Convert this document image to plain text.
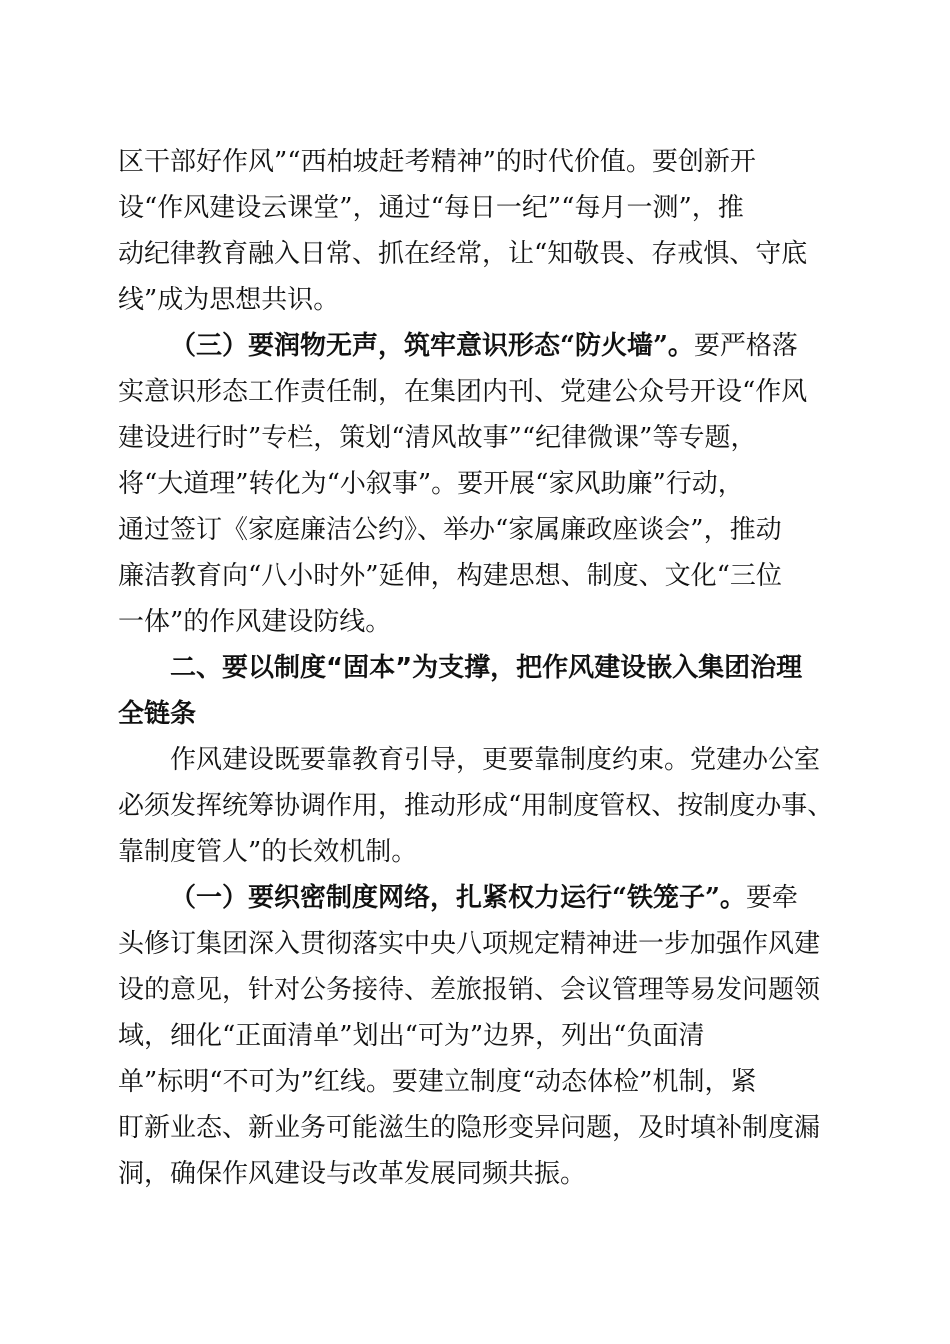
区干部好作风”“西柏坡赶考精神”的时代价值。要创新开
设“作风建设云课堂”，通过“每日一纪”“每月一测”，推
动纪律教育融入日常、抓在经常，让“知敬畏、存戒惧、守底
线”成为思想共识。
（三）要润物无声，筑牢意识形态“防火墙”。要严格落
实意识形态工作责任制，在集团内刊、党建公众号开设“作风
建设进行时”专栏，策划“清风故事”“纪律微课”等专题，
将“大道理”转化为“小叙事”。要开展“家风助廉”行动，
通过签订《家庭廉洁公约》、举办“家属廉政座谈会”，推动
廉洁教育向“八小时外”延伸，构建思想、制度、文化“三位
一体”的作风建设防线。
二、要以制度“固本”为支撑，把作风建设嵌入集团治理
全链条
作风建设既要靠教育引导，更要靠制度约束。党建办公室
必须发挥统筹协调作用，推动形成“用制度管权、按制度办事、
靠制度管人”的长效机制。
（一）要织密制度网络，扎紧权力运行“铁笼子”。要牵
头修订集团深入贯彻落实中央八项规定精神进一步加强作风建
设的意见，针对公务接待、差旅报销、会议管理等易发问题领
域，细化“正面清单”划出“可为”边界，列出“负面清
单”标明“不可为”红线。要建立制度“动态体检”机制，紧
盯新业态、新业务可能滋生的隐形变异问题，及时填补制度漏
洞，确保作风建设与改革发展同频共振。
